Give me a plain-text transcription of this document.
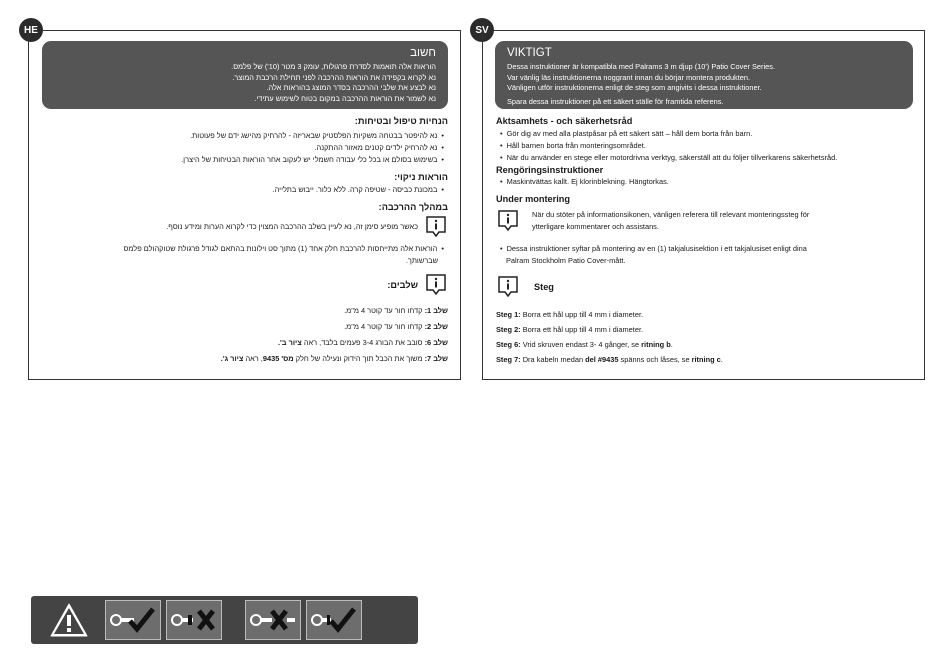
HE
חשוב
הוראות אלה תואמות לסדרת פרגולות, עומק 3 מטר (10') של פלמס.
נא לקרוא בקפידה את הוראות ההרכבה לפני תחילת הרכבת המוצר.
נא לבצע את שלבי ההרכבה בסדר המוצג בהוראות אלה.
נא לשמור את הוראות ההרכבה במקום בטוח לשימוש עתידי.

הנחיות טיפול ובטיחות:

• נא להיפטר בבטחה משקיות הפלסטיק שבאריזה - להרחיק מהישג ידם של פעוטות.
• נא להרחיק ילדים קטנים מאזור ההתקנה.
• בשימוש בסולם או בכל כלי עבודה חשמלי יש לעקוב אחר הוראות הבטיחות של היצרן.

הוראות ניקוי:

• במכונת כביסה - שטיפה קרה. ללא כלור. ייבוש בתלייה.

במהלך ההרכבה:

כאשר מופיע סימן זה, נא לעיין בשלב ההרכבה המצוין כדי לקרוא הערות ומידע נוסף.
• הוראות אלה מתייחסות להרכבת חלק אחד (1) מתוך סט וילונות בהתאם לגודל פרגולת שטוקהולם פלמס
שברשותך.
שלבים:
שלב 1: קדחו חור עד קוטר 4 מ"מ.
שלב 2: קדחו חור עד קוטר 4 מ"מ.
שלב 6: סובב את הבורג 3-4 פעמים בלבד, ראה ציור ב'.
שלב 7: משוך את הכבל תוך הידוק ונעילה של חלק מס' 9435, ראה ציור ג'.
SV
VIKTIGT
Dessa instruktioner är kompatibla med Palrams 3 m djup (10') Patio Cover Series.
Var vänlig läs instruktionerna noggrant innan du börjar montera produkten.
Vänligen utför instruktionerna enligt de steg som angivits i dessa instruktioner.
Spara dessa instruktioner på ett säkert ställe för framtida referens.

Aktsamhets - och säkerhetsråd

• Gör dig av med alla plastpåsar på ett säkert sätt – håll dem borta från barn.
• Håll barnen borta från monteringsområdet.
• När du använder en stege eller motordrivna verktyg, säkerställ att du följer tillverkarens säkerhetsråd.

Rengöringsinstruktioner

• Maskintvättas kallt. Ej klorinblekning. Hängtorkas.

Under montering

När du stöter på informationsikonen, vänligen referera till relevant monteringssteg för
ytterligare kommentarer och assistans.
• Dessa instruktioner syftar på montering av en (1) takjalusisektion i ett takjalusiset enligt dina
Palram Stockholm Patio Cover-mått.
Steg
Steg 1: Borra ett hål upp till 4 mm i diameter.
Steg 2: Borra ett hål upp till 4 mm i diameter.
Steg 6: Vrid skruven endast 3- 4 gånger, se ritning b.
Steg 7: Dra kabeln medan del #9435 spänns och låses, se ritning c.
